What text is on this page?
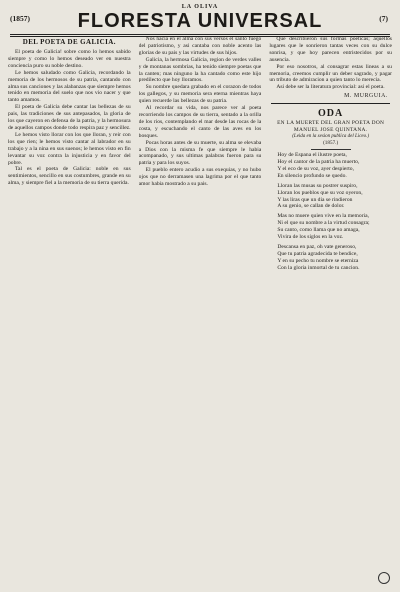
LA OLIVA
(1857)	FLORESTA UNIVERSAL	(7)
DEL POETA DE GALICIA.

El poeta de Galicia! sobre como lo hemos sabido siempre y como lo hemos deseado ver en nuestra conciencia puro su noble destino.

Le hemos saludado como Galicia, recordando la memoria de los hermosos de su patria, cantando con alma sus canciones y las alabanzas que siempre hemos tenido en memoria del suelo que nos vio nacer y que tanto amamos.

El poeta de Galicia debe cantar las bellezas de su pais, las tradiciones de sus antepasados, la gloria de los que cayeron en defensa de la patria, y la hermosura de aquellos campos donde todo respira paz y sencillez.

Le hemos visto llorar con los que lloran, y reir con los que rien; le hemos visto cantar al labrador en su trabajo y a la nina en sus suenos; le hemos visto en fin levantar su voz contra la injusticia y en favor del pobre.

Tal es el poeta de Galicia: noble en sus sentimientos, sencillo en sus costumbres, grande en su alma, y siempre fiel a la memoria de su tierra querida.

Nos hacia en el alma con sus versos el santo fuego del patriotismo, y asi cantaba con noble acento las glorias de su pais y las virtudes de sus hijos.

Galicia, la hermosa Galicia, region de verdes valles y de montanas sombrias, ha tenido siempre poetas que la canten; mas ninguno la ha cantado como este hijo predilecto que hoy lloramos.

Su nombre quedara grabado en el corazon de todos los gallegos, y su memoria sera eterna mientras haya quien recuerde las bellezas de su patria.

Al recordar su vida, nos parece ver al poeta recorriendo los campos de su tierra, sentado a la orilla de los rios, contemplando el mar desde las rocas de la costa, y escuchando el canto de las aves en los bosques.

Pocas horas antes de su muerte, su alma se elevaba a Dios con la misma fe que siempre le habia acompanado, y sus ultimas palabras fueron para su patria y para los suyos.

El pueblo entero acudio a sus exequias, y no hubo ojos que no derramasen una lagrima por el que tanto amor habia mostrado a su pais.

Que describieron sus formas poeticas; aquellos lugares que le sonrieron tantas veces con su dulce sonrisa, y que hoy parecen entristecidos por su ausencia.

Por eso nosotros, al consagrar estas lineas a su memoria, creemos cumplir un deber sagrado, y pagar un tributo de admiracion a quien tanto lo merecia.

Asi debe ser la literatura provincial: asi el poeta.

M. MURGUIA.
ODA

EN LA MUERTE DEL GRAN POETA DON MANUEL JOSE QUINTANA.

(Leida en la sesion publica del Liceo.)

(1857.)

Hoy de Espana el ilustre poeta,
Hoy el cantor de la patria ha muerto,
Y el eco de su voz, ayer despierto,
En silencio profundo se quedo.

Lloran las musas su postrer suspiro,
Lloran los pueblos que su voz oyeron,
Y las liras que un dia se rindieron
A su genio, se callan de dolor.

Mas no muere quien vive en la memoria,
Ni el que su nombre a la virtud consagra;
Su canto, como llama que no amaga,
Vivira de los siglos en la voz.

Descansa en paz, oh vate generoso,
Que tu patria agradecida te bendice,
Y en su pecho tu nombre se eterniza
Con la gloria inmortal de tu cancion.
